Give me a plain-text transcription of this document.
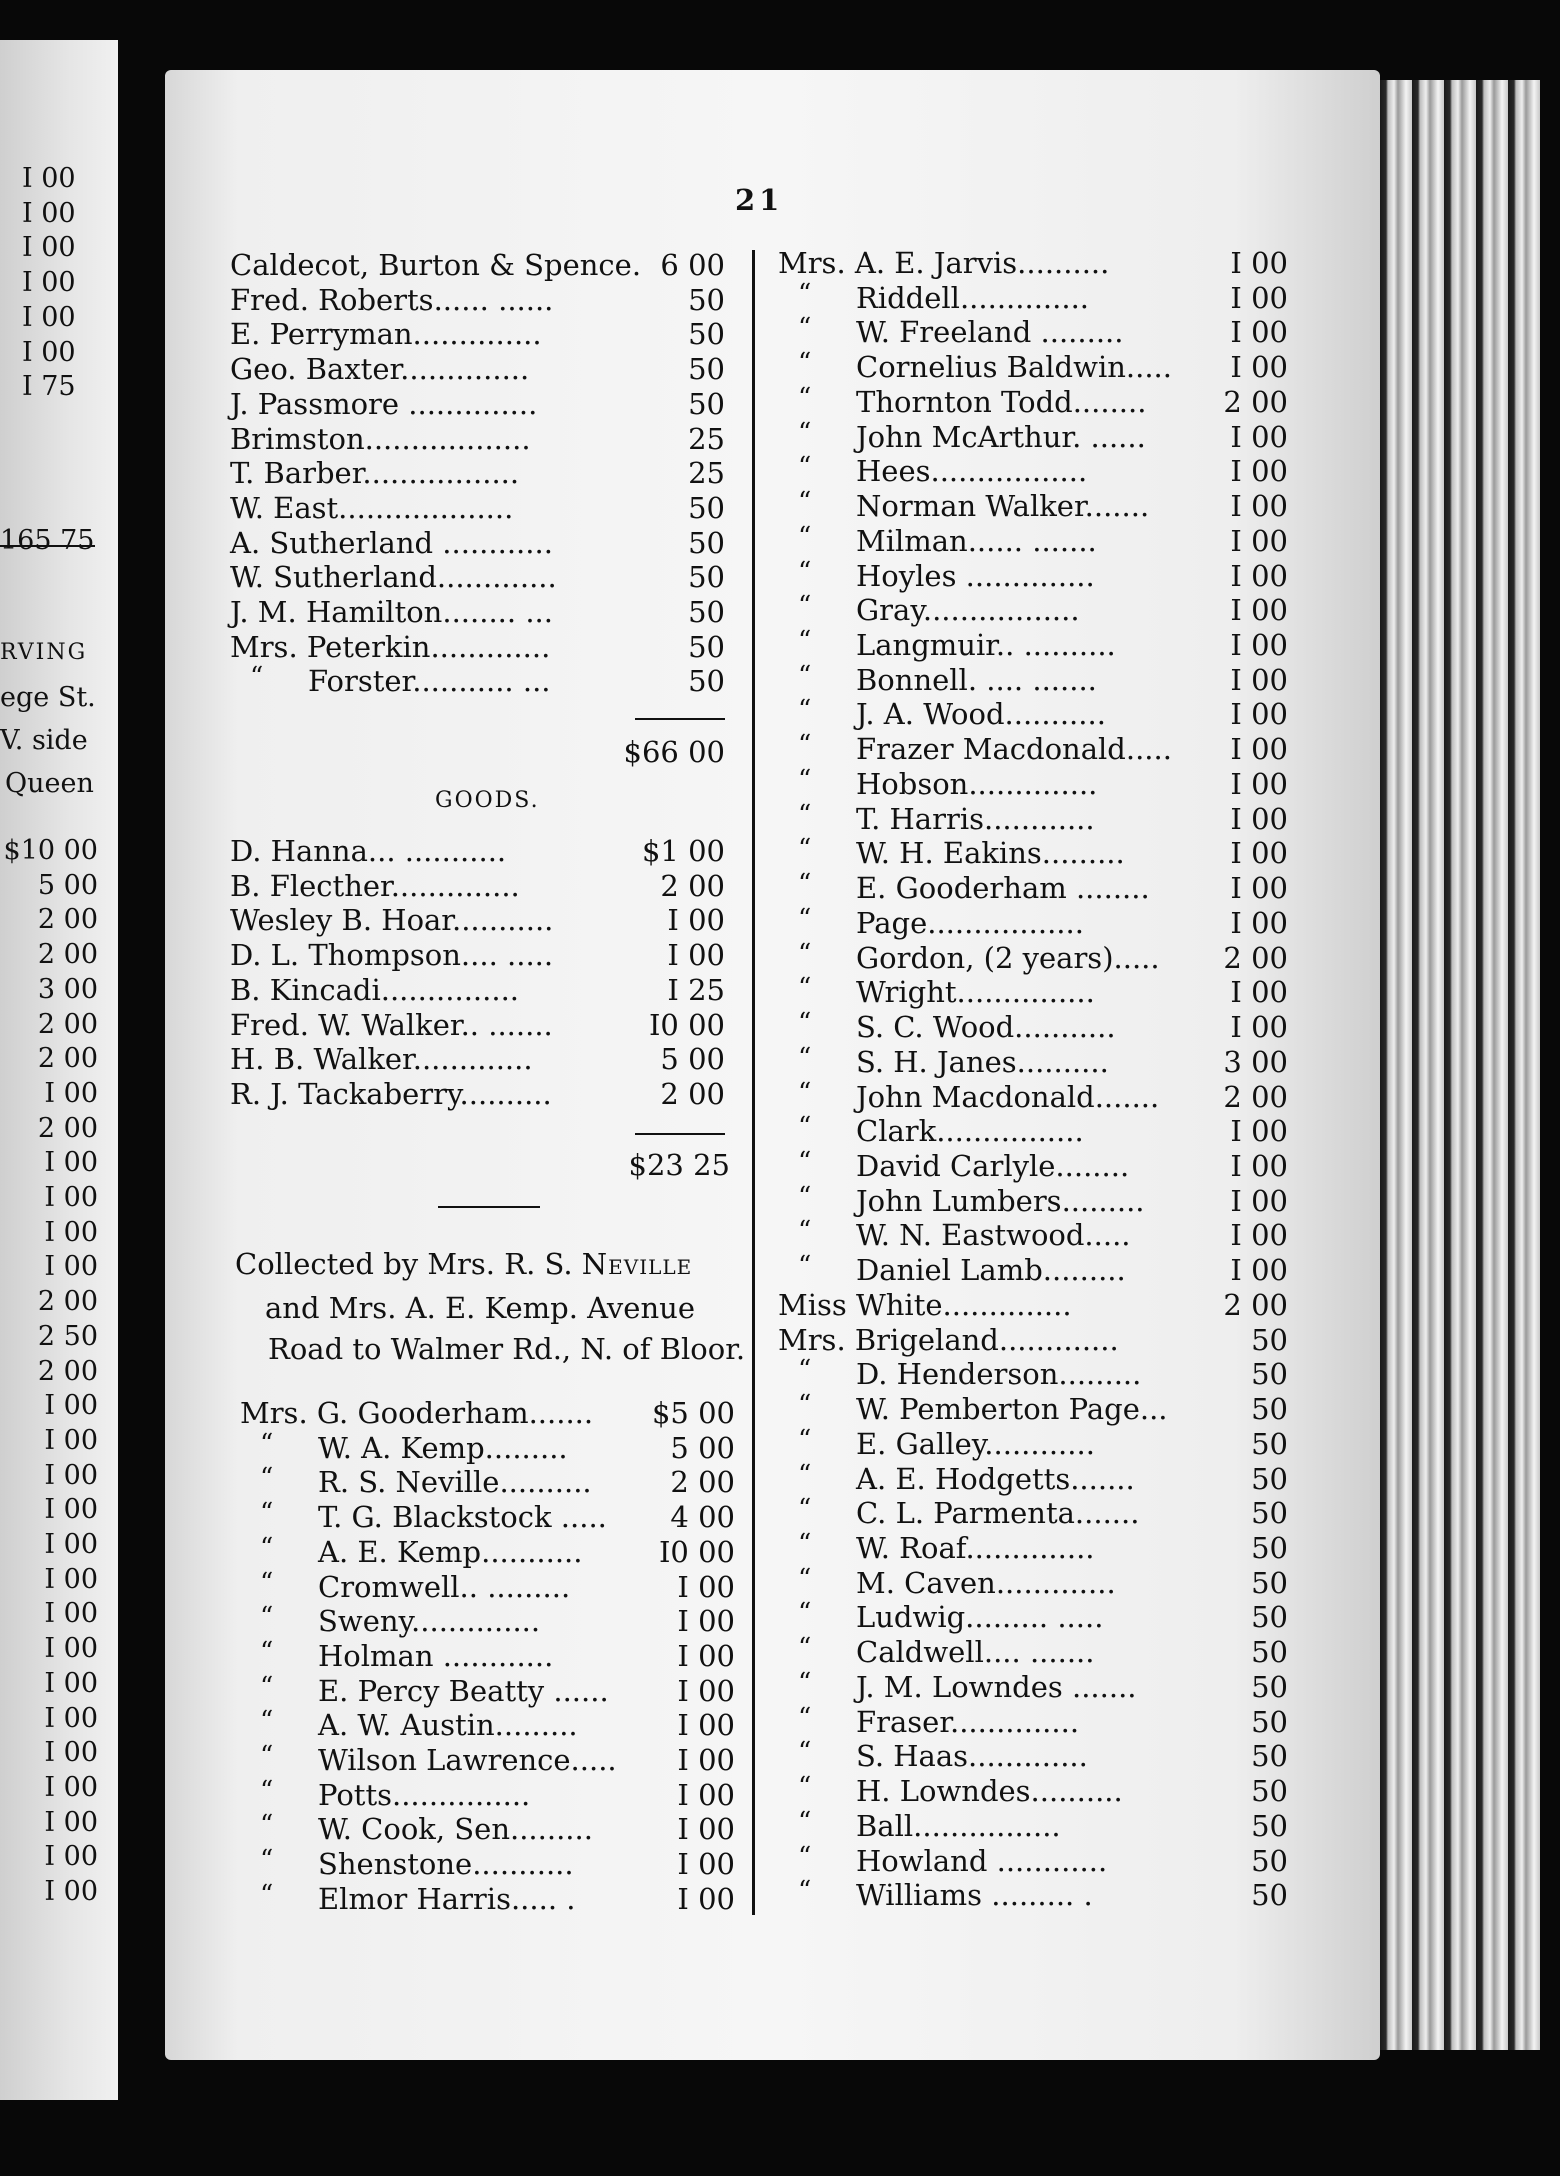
I 00
I 00
I 00
I 00
I 00
I 00
I 75
165 75
RVING
ege St.
V. side
Queen
$10 00
5 00
2 00
2 00
3 00
2 00
2 00
I 00
2 00
I 00
I 00
I 00
I 00
2 00
2 50
2 00
I 00
I 00
I 00
I 00
I 00
I 00
I 00
I 00
I 00
I 00
I 00
I 00
I 00
I 00
I 00
21
Caldecot, Burton & Spence. 6 00
Fred. Roberts...... ......	50
E. Perryman..............	50
Geo. Baxter..............	50
J. Passmore ..............	50
Brimston..................	25
T. Barber.................	25
W. East...................	50
A. Sutherland ............	50
W. Sutherland.............	50
J. M. Hamilton........ ...	50
Mrs. Peterkin.............	50
“ Forster........... ...	50
$66 00
GOODS.
D. Hanna... ...........	$1 00
B. Flecther..............	2 00
Wesley B. Hoar...........	I 00
D. L. Thompson.... .....	I 00
B. Kincadi...............	I 25
Fred. W. Walker.. .......	I0 00
H. B. Walker.............	5 00
R. J. Tackaberry..........	2 00
$23 25
Collected by Mrs. R. S. Neville
and Mrs. A. E. Kemp. Avenue
Road to Walmer Rd., N. of Bloor.
Mrs. G. Gooderham....... $5 00
“ W. A. Kemp.........	5 00
“ R. S. Neville..........	2 00
“ T. G. Blackstock ..... 4 00
“ A. E. Kemp...........	I0 00
“ Cromwell.. .........	I 00
“ Sweny..............	I 00
“ Holman ............	I 00
“ E. Percy Beatty ...... I 00
“ A. W. Austin.........	I 00
“ Wilson Lawrence..... I 00
“ Potts...............	I 00
“ W. Cook, Sen.........	I 00
“ Shenstone...........	I 00
“ Elmor Harris..... .	I 00
Mrs. A. E. Jarvis..........	I 00
“ Riddell..............	I 00
“ W. Freeland .........	I 00
“ Cornelius Baldwin..... I 00
“ Thornton Todd........	2 00
“ John McArthur. ......	I 00
“ Hees.................	I 00
“ Norman Walker.......	I 00
“ Milman...... .......	I 00
“ Hoyles ..............	I 00
“ Gray.................	I 00
“ Langmuir.. ..........	I 00
“ Bonnell. .... .......	I 00
“ J. A. Wood...........	I 00
“ Frazer Macdonald..... I 00
“ Hobson..............	I 00
“ T. Harris............	I 00
“ W. H. Eakins.........	I 00
“ E. Gooderham ........	I 00
“ Page.................	I 00
“ Gordon, (2 years)..... 2 00
“ Wright...............	I 00
“ S. C. Wood...........	I 00
“ S. H. Janes..........	3 00
“ John Macdonald....... 2 00
“ Clark................	I 00
“ David Carlyle........	I 00
“ John Lumbers.........	I 00
“ W. N. Eastwood.....	I 00
“ Daniel Lamb.........	I 00
Miss White..............	2 00
Mrs. Brigeland.............	50
“ D. Henderson.........	50
“ W. Pemberton Page...	50
“ E. Galley............	50
“ A. E. Hodgetts.......	50
“ C. L. Parmenta.......	50
“ W. Roaf..............	50
“ M. Caven.............	50
“ Ludwig......... .....	50
“ Caldwell.... .......	50
“ J. M. Lowndes .......	50
“ Fraser..............	50
“ S. Haas.............	50
“ H. Lowndes..........	50
“ Ball................	50
“ Howland ............	50
“ Williams ......... .	50
